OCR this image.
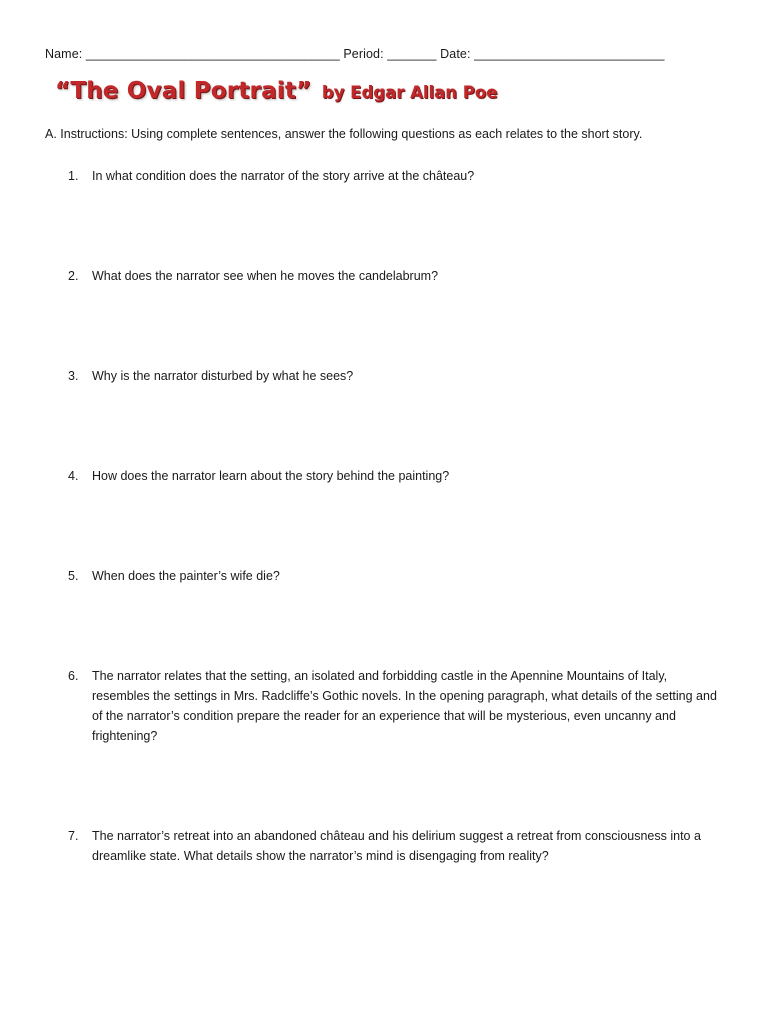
Name: ____________________________________ Period: _______ Date: ___________________________
“The Oval Portrait” by Edgar Allan Poe
A. Instructions: Using complete sentences, answer the following questions as each relates to the short story.
1.	In what condition does the narrator of the story arrive at the château?
2.	What does the narrator see when he moves the candelabrum?
3.	Why is the narrator disturbed by what he sees?
4.	How does the narrator learn about the story behind the painting?
5.	When does the painter’s wife die?
6.	The narrator relates that the setting, an isolated and forbidding castle in the Apennine Mountains of Italy, resembles the settings in Mrs. Radcliffe’s Gothic novels. In the opening paragraph, what details of the setting and of the narrator’s condition prepare the reader for an experience that will be mysterious, even uncanny and frightening?
7.	The narrator’s retreat into an abandoned château and his delirium suggest a retreat from consciousness into a dreamlike state. What details show the narrator’s mind is disengaging from reality?
